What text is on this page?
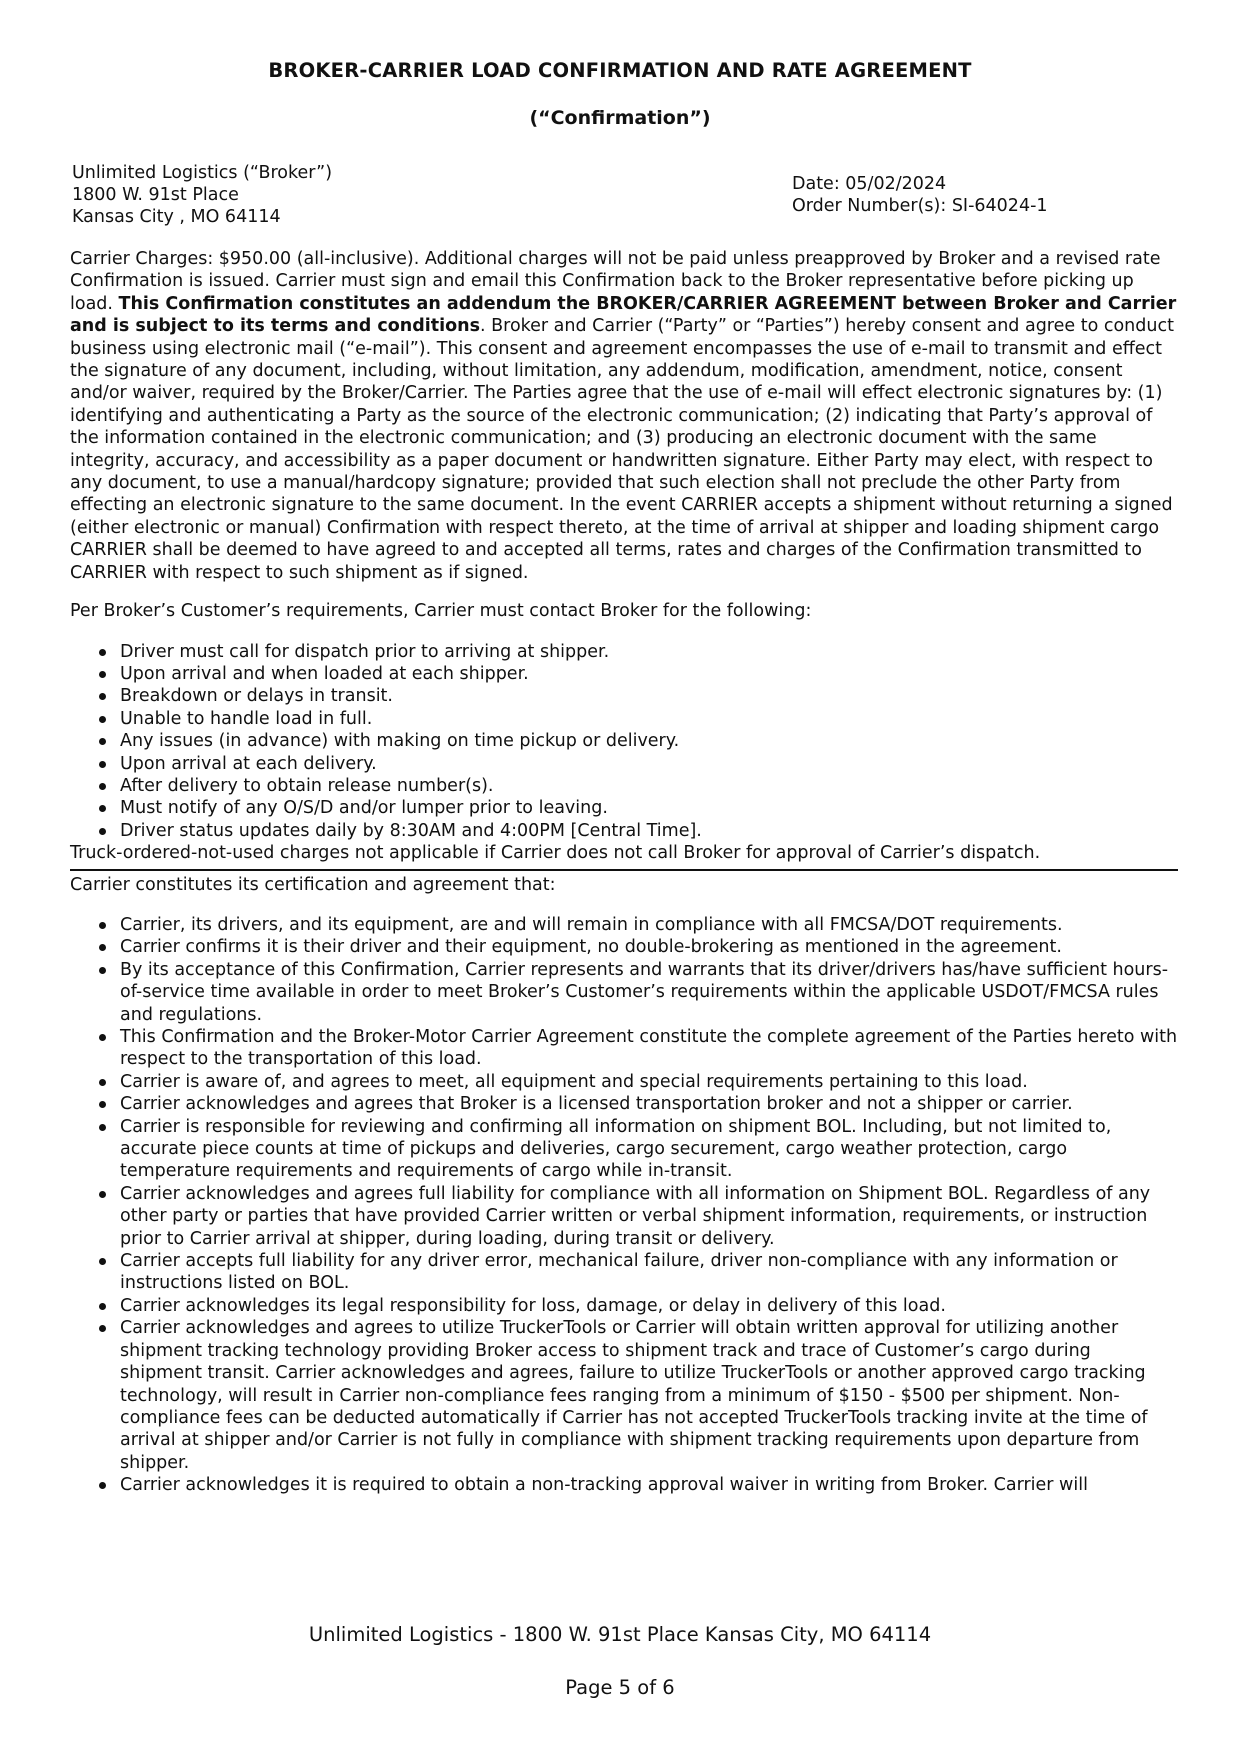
BROKER-CARRIER LOAD CONFIRMATION AND RATE AGREEMENT
(“Confirmation”)
Unlimited Logistics (“Broker”)
1800 W. 91st Place
Kansas City , MO 64114
Date: 05/02/2024
Order Number(s): SI-64024-1

Carrier Charges: $950.00 (all-inclusive). Additional charges will not be paid unless preapproved by Broker and a revised rate Confirmation is issued. Carrier must sign and email this Confirmation back to the Broker representative before picking up load. This Confirmation constitutes an addendum the BROKER/CARRIER AGREEMENT between Broker and Carrier and is subject to its terms and conditions. Broker and Carrier (“Party” or “Parties”) hereby consent and agree to conduct business using electronic mail (“e-mail”). This consent and agreement encompasses the use of e-mail to transmit and effect the signature of any document, including, without limitation, any addendum, modification, amendment, notice, consent and/or waiver, required by the Broker/Carrier. The Parties agree that the use of e-mail will effect electronic signatures by: (1) identifying and authenticating a Party as the source of the electronic communication; (2) indicating that Party’s approval of the information contained in the electronic communication; and (3) producing an electronic document with the same integrity, accuracy, and accessibility as a paper document or handwritten signature. Either Party may elect, with respect to any document, to use a manual/hardcopy signature; provided that such election shall not preclude the other Party from effecting an electronic signature to the same document. In the event CARRIER accepts a shipment without returning a signed (either electronic or manual) Confirmation with respect thereto, at the time of arrival at shipper and loading shipment cargo CARRIER shall be deemed to have agreed to and accepted all terms, rates and charges of the Confirmation transmitted to CARRIER with respect to such shipment as if signed.

Per Broker’s Customer’s requirements, Carrier must contact Broker for the following:

Driver must call for dispatch prior to arriving at shipper.
Upon arrival and when loaded at each shipper.
Breakdown or delays in transit.
Unable to handle load in full.
Any issues (in advance) with making on time pickup or delivery.
Upon arrival at each delivery.
After delivery to obtain release number(s).
Must notify of any O/S/D and/or lumper prior to leaving.
Driver status updates daily by 8:30AM and 4:00PM [Central Time].

Truck-ordered-not-used charges not applicable if Carrier does not call Broker for approval of Carrier’s dispatch.

Carrier constitutes its certification and agreement that:

Carrier, its drivers, and its equipment, are and will remain in compliance with all FMCSA/DOT requirements.
Carrier confirms it is their driver and their equipment, no double-brokering as mentioned in the agreement.
By its acceptance of this Confirmation, Carrier represents and warrants that its driver/drivers has/have sufficient hours-of-service time available in order to meet Broker’s Customer’s requirements within the applicable USDOT/FMCSA rules and regulations.
This Confirmation and the Broker-Motor Carrier Agreement constitute the complete agreement of the Parties hereto with respect to the transportation of this load.
Carrier is aware of, and agrees to meet, all equipment and special requirements pertaining to this load.
Carrier acknowledges and agrees that Broker is a licensed transportation broker and not a shipper or carrier.
Carrier is responsible for reviewing and confirming all information on shipment BOL. Including, but not limited to, accurate piece counts at time of pickups and deliveries, cargo securement, cargo weather protection, cargo temperature requirements and requirements of cargo while in-transit.
Carrier acknowledges and agrees full liability for compliance with all information on Shipment BOL. Regardless of any other party or parties that have provided Carrier written or verbal shipment information, requirements, or instruction prior to Carrier arrival at shipper, during loading, during transit or delivery.
Carrier accepts full liability for any driver error, mechanical failure, driver non-compliance with any information or instructions listed on BOL.
Carrier acknowledges its legal responsibility for loss, damage, or delay in delivery of this load.
Carrier acknowledges and agrees to utilize TruckerTools or Carrier will obtain written approval for utilizing another shipment tracking technology providing Broker access to shipment track and trace of Customer’s cargo during shipment transit. Carrier acknowledges and agrees, failure to utilize TruckerTools or another approved cargo tracking technology, will result in Carrier non-compliance fees ranging from a minimum of $150 - $500 per shipment. Non-compliance fees can be deducted automatically if Carrier has not accepted TruckerTools tracking invite at the time of arrival at shipper and/or Carrier is not fully in compliance with shipment tracking requirements upon departure from shipper.
Carrier acknowledges it is required to obtain a non-tracking approval waiver in writing from Broker. Carrier will
Unlimited Logistics - 1800 W. 91st Place Kansas City, MO 64114
Page 5 of 6
